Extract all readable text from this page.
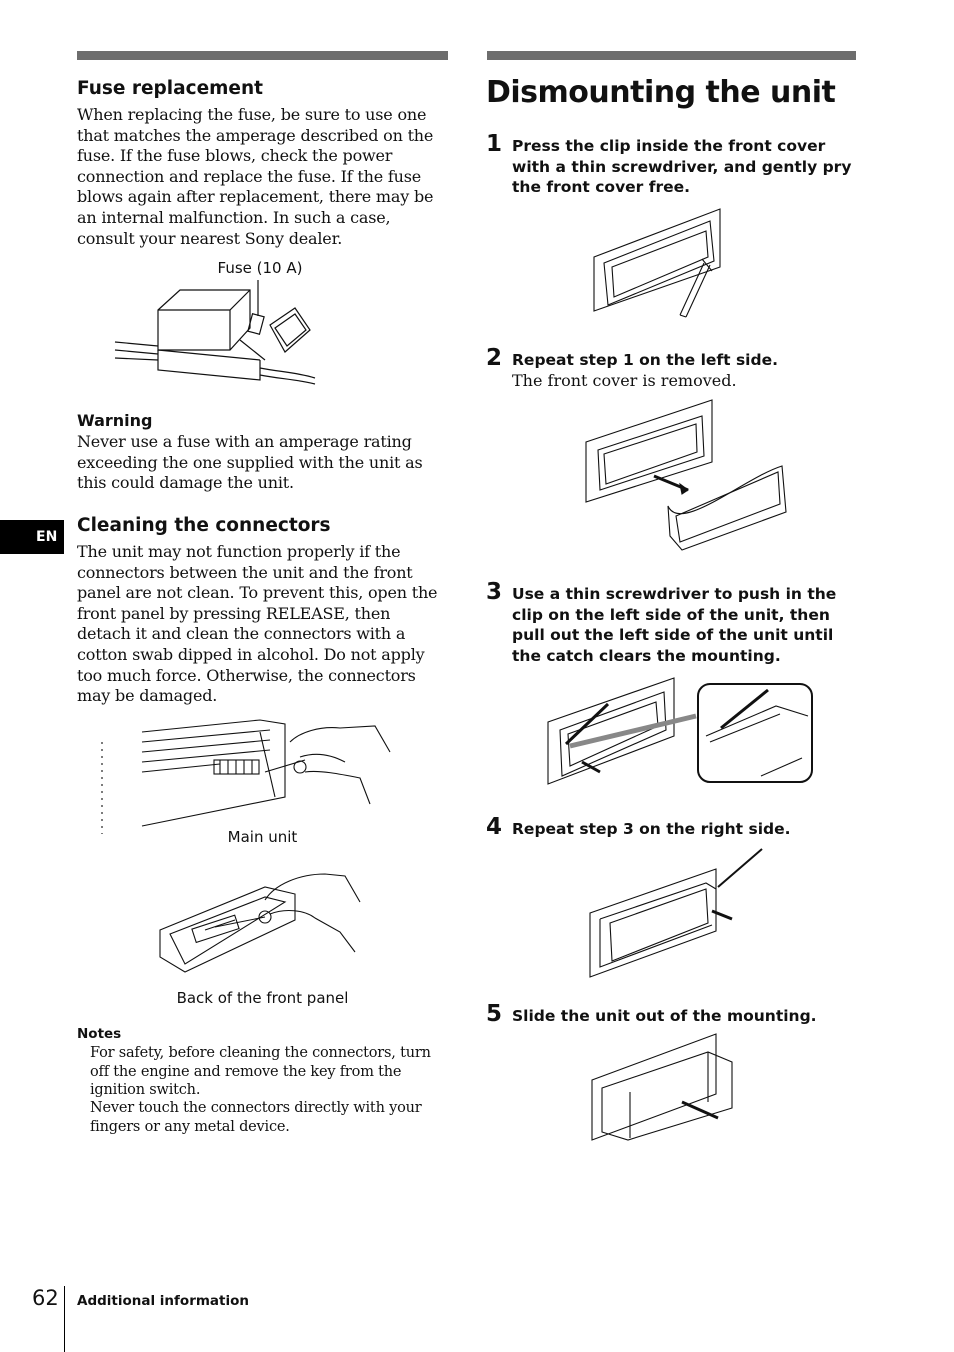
Fuse replacement

When replacing the fuse, be sure to use one that matches the amperage described on the fuse. If the fuse blows, check the power connection and replace the fuse. If the fuse blows again after replacement, there may be an internal malfunction. In such a case, consult your nearest Sony dealer.

Fuse (10 A)
Warning

Never use a fuse with an amperage rating exceeding the one supplied with the unit as this could damage the unit.

EN
Cleaning the connectors

The unit may not function properly if the connectors between the unit and the front panel are not clean. To prevent this, open the front panel by pressing RELEASE, then detach it and clean the connectors with a cotton swab dipped in alcohol. Do not apply too much force. Otherwise, the connectors may be damaged.

Main unit
Back of the front panel
Notes

For safety, before cleaning the connectors, turn off the engine and remove the key from the ignition switch.

Never touch the connectors directly with your fingers or any metal device.

Dismounting the unit
1 Press the clip inside the front cover with a thin screwdriver, and gently pry the front cover free.

2 Repeat step 1 on the left side.

The front cover is removed.

3 Use a thin screwdriver to push in the clip on the left side of the unit, then pull out the left side of the unit until the catch clears the mounting.

4 Repeat step 3 on the right side.

5 Slide the unit out of the mounting.

62 Additional information
